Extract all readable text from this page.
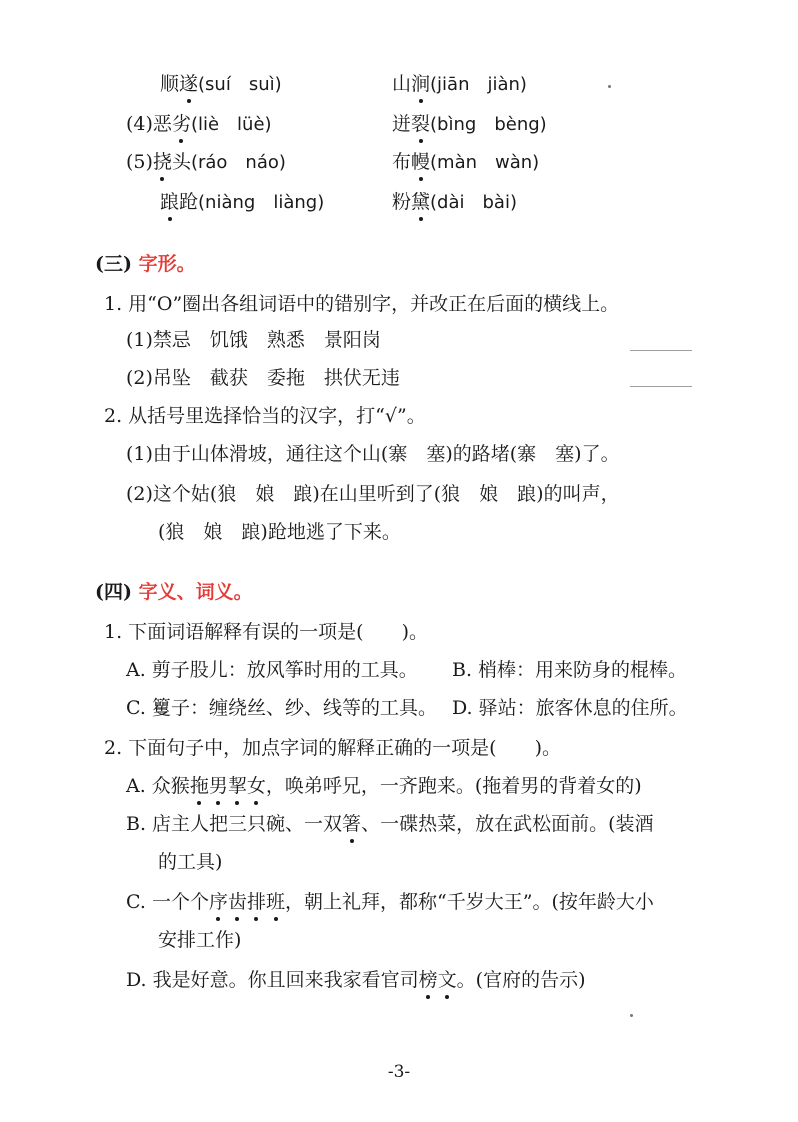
顺遂(suí　suì)	山涧(jiān　jiàn)
(4)恶劣(liè　lüè)	迸裂(bìng　bèng)
(5)挠头(ráo　náo)	布幔(màn　wàn)
踉跄(niàng　liàng)	粉黛(dài　bài)
(三) 字形。
1. 用“O”圈出各组词语中的错别字，并改正在后面的横线上。
(1)禁忌　饥饿　熟悉　景阳岗
(2)吊坠　截获　委拖　拱伏无违
2. 从括号里选择恰当的汉字，打“√”。
(1)由于山体滑坡，通往这个山(寨　塞)的路堵(寨　塞)了。
(2)这个姑(狼　娘　踉)在山里听到了(狼　娘　踉)的叫声，
(狼　娘　踉)跄地逃了下来。
(四) 字义、词义。
1. 下面词语解释有误的一项是(　　)。
A. 剪子股儿：放风筝时用的工具。 B. 梢棒：用来防身的棍棒。
C. 籰子：缠绕丝、纱、线等的工具。 D. 驿站：旅客休息的住所。
2. 下面句子中，加点字词的解释正确的一项是(　　)。
A. 众猴拖男挈女，唤弟呼兄，一齐跑来。(拖着男的背着女的)
B. 店主人把三只碗、一双箸、一碟热菜，放在武松面前。(装酒
的工具)
C. 一个个序齿排班，朝上礼拜，都称“千岁大王”。(按年龄大小
安排工作)
D. 我是好意。你且回来我家看官司榜文。(官府的告示)
-3-
